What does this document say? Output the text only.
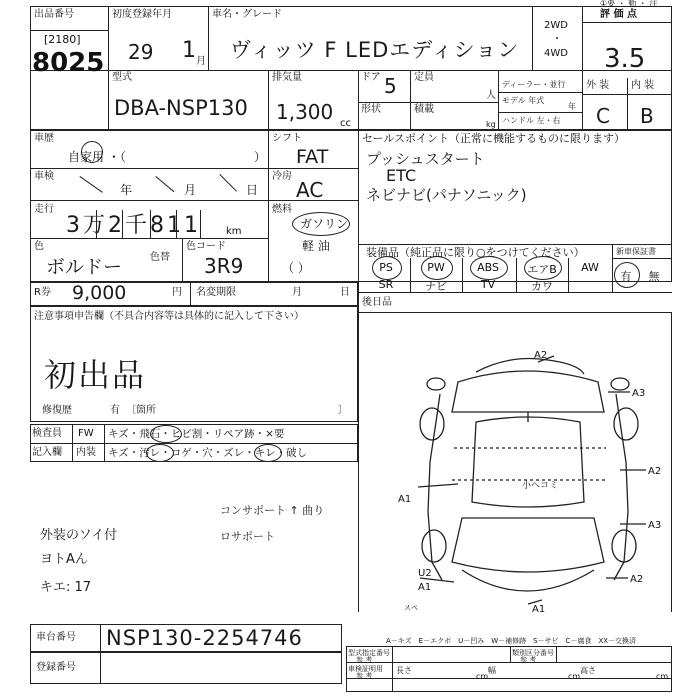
出品番号
[2180]
8025
初度登録年月
29 1 月
車名・グレード
ヴィッツ F LEDエディション
2WD
・
4WD
①要 ・ 動 ・ 注
評 価 点
3.5
型式
DBA-NSP130
排気量
1,300 cc
ドア 5
形状
定員
人
積載
kg
ディーラー・並行
モデル 年式
年
ハンドル 左・右
外 装 内 装
C B
車歴
自家用 ・（	）
車検
年	月	日
走行
3万2千811	km
色
ボルドー	色替
色コード
3R9
シフト
FAT
冷房
AC
燃料
ガソリン
軽 油
（ ）
セールスポイント（正常に機能するものに限ります）
プッシュスタート
ETC
ネビナビ(パナソニック)
装備品（純正品に限り○をつけてください）	新車保証書
PS	PW	ABS	エアB	AW
SR	ナビ	TV	カワ
有 無
R券 9,000	円 名変期限	月	日
後日品
注意事項申告欄（不具合内容等は具体的に記入して下さい）
初出品
修復歴	有 〔箇所	〕
検査員
記入欄
FW キズ・飛石・ヒビ割・リペア跡・×要
内装 キズ・汚レ・コゲ・穴・ズレ・キレ・破し
コンサポート ↑ 曲り
ロサポート
外装のソイ付
ヨトAん
キエ: 17
A2
A3
A2
A1
A3
U2
A1
A2
A1
小ヘコミ
スペ
A－キズ　E－エクボ　U－凹み　W－補修跡　S－サビ　C－腐食　XX－交換済
車台番号 NSP130-2254746
登録番号
型式指定番号
参 考
類別区分番号
参 考
車検証明用
参 考
長さ	幅	高さ
cm	cm	cm
